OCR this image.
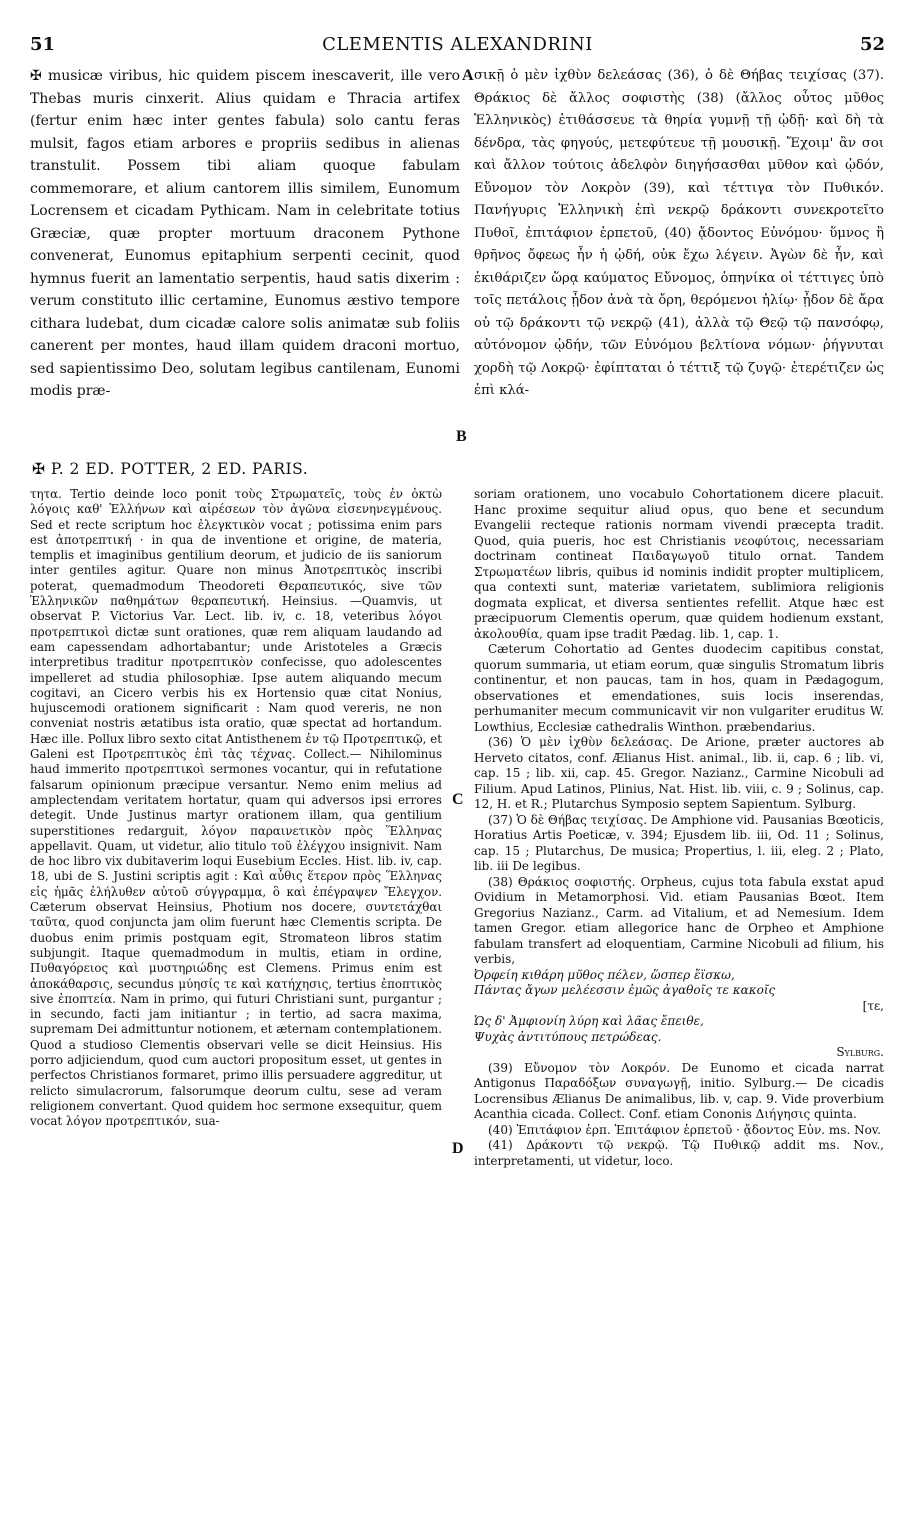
51	CLEMENTIS ALEXANDRINI	52
✠ musicæ viribus, hic quidem piscem inescaverit, ille vero Thebas muris cinxerit. Alius quidam e Thracia artifex (fertur enim hæc inter gentes fabula) solo cantu feras mulsit, fagos etiam arbores e propriis sedibus in alienas transtulit. Possem tibi aliam quoque fabulam commemorare, et alium cantorem illis similem, Eunomum Locrensem et cicadam Pythicam. Nam in celebritate totius Græciæ, quæ propter mortuum draconem Pythone convenerat, Eunomus epitaphium serpenti cecinit, quod hymnus fuerit an lamentatio serpentis, haud satis dixerim : verum constituto illic certamine, Eunomus æstivo tempore cithara ludebat, dum cicadæ calore solis animatæ sub foliis canerent per montes, haud illam quidem draconi mortuo, sed sapientissimo Deo, solutam legibus cantilenam, Eunomi modis præ-
A
B
C
D
σικῇ ὁ μὲν ἰχθὺν δελεάσας (36), ὁ δὲ Θήβας τειχίσας (37). Θράκιος δὲ ἄλλος σοφιστὴς (38) (ἄλλος οὗτος μῦθος Ἑλληνικὸς) ἐτιθάσσευε τὰ θηρία γυμνῇ τῇ ᾠδῇ· καὶ δὴ τὰ δένδρα, τὰς φηγούς, μετεφύτευε τῇ μουσικῇ. Ἔχοιμ' ἂν σοι καὶ ἄλλον τούτοις ἀδελφὸν διηγήσασθαι μῦθον καὶ ᾠδόν, Εὔνομον τὸν Λοκρὸν (39), καὶ τέττιγα τὸν Πυθικόν. Πανήγυρις Ἑλληνικὴ ἐπὶ νεκρῷ δράκοντι συνεκροτεῖτο Πυθοῖ, ἐπιτάφιον ἑρπετοῦ, (40) ᾄδοντος Εὐνόμου· ὕμνος ἢ θρῆνος ὄφεως ἦν ἡ ᾠδή, οὐκ ἔχω λέγειν. Ἀγὼν δὲ ἦν, καὶ ἐκιθάριζεν ὥρᾳ καύματος Εὔνομος, ὁπηνίκα οἱ τέττιγες ὑπὸ τοῖς πετάλοις ᾖδον ἀνὰ τὰ ὄρη, θερόμενοι ἡλίῳ· ᾖδον δὲ ἄρα οὐ τῷ δράκοντι τῷ νεκρῷ (41), ἀλλὰ τῷ Θεῷ τῷ πανσόφῳ, αὐτόνομον ᾠδήν, τῶν Εὐνόμου βελτίονα νόμων· ῥήγνυται χορδὴ τῷ Λοκρῷ· ἐφίπταται ὁ τέττιξ τῷ ζυγῷ· ἐτερέτιζεν ὡς ἐπὶ κλά-
✠ P. 2 ED. POTTER, 2 ED. PARIS.

τητα. Tertio deinde loco ponit τοὺς Στρωματεῖς, τοὺς ἐν ὀκτὼ λόγοις καθ' Ἑλλήνων καὶ αἱρέσεων τὸν ἀγῶνα εἰσενηνεγμένους. Sed et recte scriptum hoc ἐλεγκτικὸν vocat ; potissima enim pars est ἀποτρεπτική · in qua de inventione et origine, de materia, templis et imaginibus gentilium deorum, et judicio de iis saniorum inter gentiles agitur. Quare non minus Ἀποτρεπτικὸς inscribi poterat, quemadmodum Theodoreti Θεραπευτικός, sive τῶν Ἑλληνικῶν παθημάτων θεραπευτική. Heinsius. —Quamvis, ut observat P. Victorius Var. Lect. lib. iv, c. 18, veteribus λόγοι προτρεπτικοὶ dictæ sunt orationes, quæ rem aliquam laudando ad eam capessendam adhortabantur; unde Aristoteles a Græcis interpretibus traditur προτρεπτικὸν confecisse, quo adolescentes impelleret ad studia philosophiæ. Ipse autem aliquando mecum cogitavi, an Cicero verbis his ex Hortensio quæ citat Nonius, hujuscemodi orationem significarit : Nam quod vereris, ne non conveniat nostris ætatibus ista oratio, quæ spectat ad hortandum. Hæc ille. Pollux libro sexto citat Antisthenem ἐν τῷ Προτρεπτικῷ, et Galeni est Προτρεπτικὸς ἐπὶ τὰς τέχνας. Collect.— Nihilominus haud immerito προτρεπτικοὶ sermones vocantur, qui in refutatione falsarum opinionum præcipue versantur. Nemo enim melius ad amplectendam veritatem hortatur, quam qui adversos ipsi errores detegit. Unde Justinus martyr orationem illam, qua gentilium superstitiones redarguit, λόγον παραινετικὸν πρὸς Ἕλληνας appellavit. Quam, ut videtur, alio titulo τοῦ ἐλέγχου insignivit. Nam de hoc libro vix dubitaverim loqui Eusebium Eccles. Hist. lib. iv, cap. 18, ubi de S. Justini scriptis agit : Καὶ αὖθις ἕτερον πρὸς Ἕλληνας εἰς ἡμᾶς ἐλήλυθεν αὐτοῦ σύγγραμμα, ὃ καὶ ἐπέγραψεν Ἔλεγχον. Cæterum observat Heinsius, Photium nos docere, συντετάχθαι ταῦτα, quod conjuncta jam olim fuerunt hæc Clementis scripta. De duobus enim primis postquam egit, Stromateon libros statim subjungit. Itaque quemadmodum in multis, etiam in ordine, Πυθαγόρειος καὶ μυστηριώδης est Clemens. Primus enim est ἀποκάθαρσις, secundus μύησίς τε καὶ κατήχησις, tertius ἐποπτικὸς sive ἐποπτεία. Nam in primo, qui futuri Christiani sunt, purgantur ; in secundo, facti jam initiantur ; in tertio, ad sacra maxima, supremam Dei admittuntur notionem, et æternam contemplationem. Quod a studioso Clementis observari velle se dicit Heinsius. His porro adjiciendum, quod cum auctori propositum esset, ut gentes in perfectos Christianos formaret, primo illis persuadere aggreditur, ut relicto simulacrorum, falsorumque deorum cultu, sese ad veram religionem convertant. Quod quidem hoc sermone exsequitur, quem vocat λόγον προτρεπτικόν, sua-

soriam orationem, uno vocabulo Cohortationem dicere placuit. Hanc proxime sequitur aliud opus, quo bene et secundum Evangelii recteque rationis normam vivendi præcepta tradit. Quod, quia pueris, hoc est Christianis νεοφύτοις, necessariam doctrinam contineat Παιδαγωγοῦ titulo ornat. Tandem Στρωματέων libris, quibus id nominis indidit propter multiplicem, qua contexti sunt, materiæ varietatem, sublimiora religionis dogmata explicat, et diversa sentientes refellit. Atque hæc est præcipuorum Clementis operum, quæ quidem hodienum exstant, ἀκολουθία, quam ipse tradit Pædag. lib. 1, cap. 1.

Cæterum Cohortatio ad Gentes duodecim capitibus constat, quorum summaria, ut etiam eorum, quæ singulis Stromatum libris continentur, et non paucas, tam in hos, quam in Pædagogum, observationes et emendationes, suis locis inserendas, perhumaniter mecum communicavit vir non vulgariter eruditus W. Lowthius, Ecclesiæ cathedralis Winthon. præbendarius.

(36) Ὁ μὲν ἰχθὺν δελεάσας. De Arione, præter auctores ab Herveto citatos, conf. Ælianus Hist. animal., lib. ii, cap. 6 ; lib. vi, cap. 15 ; lib. xii, cap. 45. Gregor. Nazianz., Carmine Nicobuli ad Filium. Apud Latinos, Plinius, Nat. Hist. lib. viii, c. 9 ; Solinus, cap. 12, H. et R.; Plutarchus Symposio septem Sapientum. Sylburg.

(37) Ὁ δὲ Θήβας τειχίσας. De Amphione vid. Pausanias Bœoticis, Horatius Artis Poeticæ, v. 394; Ejusdem lib. iii, Od. 11 ; Solinus, cap. 15 ; Plutarchus, De musica; Propertius, l. iii, eleg. 2 ; Plato, lib. iii De legibus.

(38) Θράκιος σοφιστής. Orpheus, cujus tota fabula exstat apud Ovidium in Metamorphosi. Vid. etiam Pausanias Bœot. Item Gregorius Nazianz., Carm. ad Vitalium, et ad Nemesium. Idem tamen Gregor. etiam allegorice hanc de Orpheo et Amphione fabulam transfert ad eloquentiam, Carmine Nicobuli ad filium, his verbis,

Ὀρφείη κιθάρη μῦθος πέλεν, ὥσπερ ἔϊσκω,

Πάντας ἄγων μελέεσσιν ἐμῶς ἀγαθοῖς τε κακοῖς

[τε,

Ὡς δ' Ἀμφιονίη λύρη καὶ λᾶας ἔπειθε,

Ψυχὰς ἀντιτύπους πετρώδεας.

Sylburg.

(39) Εὔνομον τὸν Λοκρόν. De Eunomo et cicada narrat Antigonus Παραδόξων συναγωγῇ, initio. Sylburg.— De cicadis Locrensibus Ælianus De animalibus, lib. v, cap. 9. Vide proverbium Acanthia cicada. Collect. Conf. etiam Cononis Διήγησις quinta.

(40) Ἐπιτάφιον ἑρπ. Ἐπιτάφιον ἑρπετοῦ · ᾄδοντος Εὐν. ms. Nov.

(41) Δράκοντι τῷ νεκρῷ. Τῷ Πυθικῷ addit ms. Nov., interpretamenti, ut videtur, loco.
